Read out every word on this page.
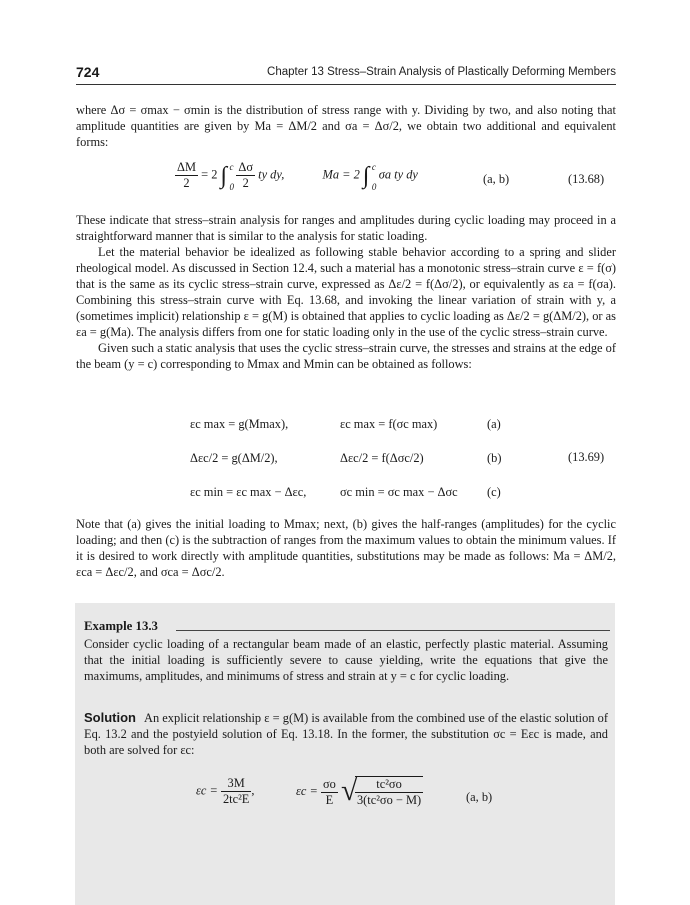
724	Chapter 13 Stress–Strain Analysis of Plastically Deforming Members

where Δσ = σmax − σmin is the distribution of stress range with y. Dividing by two, and also noting that amplitude quantities are given by Ma = ΔM/2 and σa = Δσ/2, we obtain two additional and equivalent forms:

$\frac{\Delta M}{2} = 2$ ∫ c
0
$\frac{\Delta\sigma}{2}$ ty dy,	Ma = 2 ∫ c
0
σa ty dy	(a, b)	(13.68)

These indicate that stress–strain analysis for ranges and amplitudes during cyclic loading may proceed in a straightforward manner that is similar to the analysis for static loading.

Let the material behavior be idealized as following stable behavior according to a spring and slider rheological model. As discussed in Section 12.4, such a material has a monotonic stress–strain curve ε = f(σ) that is the same as its cyclic stress–strain curve, expressed as Δε/2 = f(Δσ/2), or equivalently as εa = f(σa). Combining this stress–strain curve with Eq. 13.68, and invoking the linear variation of strain with y, a (sometimes implicit) relationship ε = g(M) is obtained that applies to cyclic loading as Δε/2 = g(ΔM/2), or as εa = g(Ma). The analysis differs from one for static loading only in the use of the cyclic stress–strain curve.

Given such a static analysis that uses the cyclic stress–strain curve, the stresses and strains at the edge of the beam (y = c) corresponding to Mmax and Mmin can be obtained as follows:

εc max = g(Mmax),	εc max = f(σc max)	(a)
Δεc/2 = g(ΔM/2),	Δεc/2 = f(Δσc/2)	(b)	(13.69)
εc min = εc max − Δεc,	σc min = σc max − Δσc (c)

Note that (a) gives the initial loading to Mmax; next, (b) gives the half-ranges (amplitudes) for the cyclic loading; and then (c) is the subtraction of ranges from the maximum values to obtain the minimum values. If it is desired to work directly with amplitude quantities, substitutions may be made as follows: Ma = ΔM/2, εca = Δεc/2, and σca = Δσc/2.

Example 13.3

Consider cyclic loading of a rectangular beam made of an elastic, perfectly plastic material. Assuming that the initial loading is sufficiently severe to cause yielding, write the equations that give the maximums, amplitudes, and minimums of stress and strain at y = c for cyclic loading.

Solution An explicit relationship ε = g(M) is available from the combined use of the elastic solution of Eq. 13.2 and the postyield solution of Eq. 13.18. In the former, the substitution σc = Eεc is made, and both are solved for εc:

$\varepsilon c = \frac{3M}{\text{2tc²E}}$ ,	$\varepsilon c = \frac{\sigma o}{E}$
√
$\frac{\text{tc²σo}}{\text{3(tc²σo − M)}}$	(a, b)
